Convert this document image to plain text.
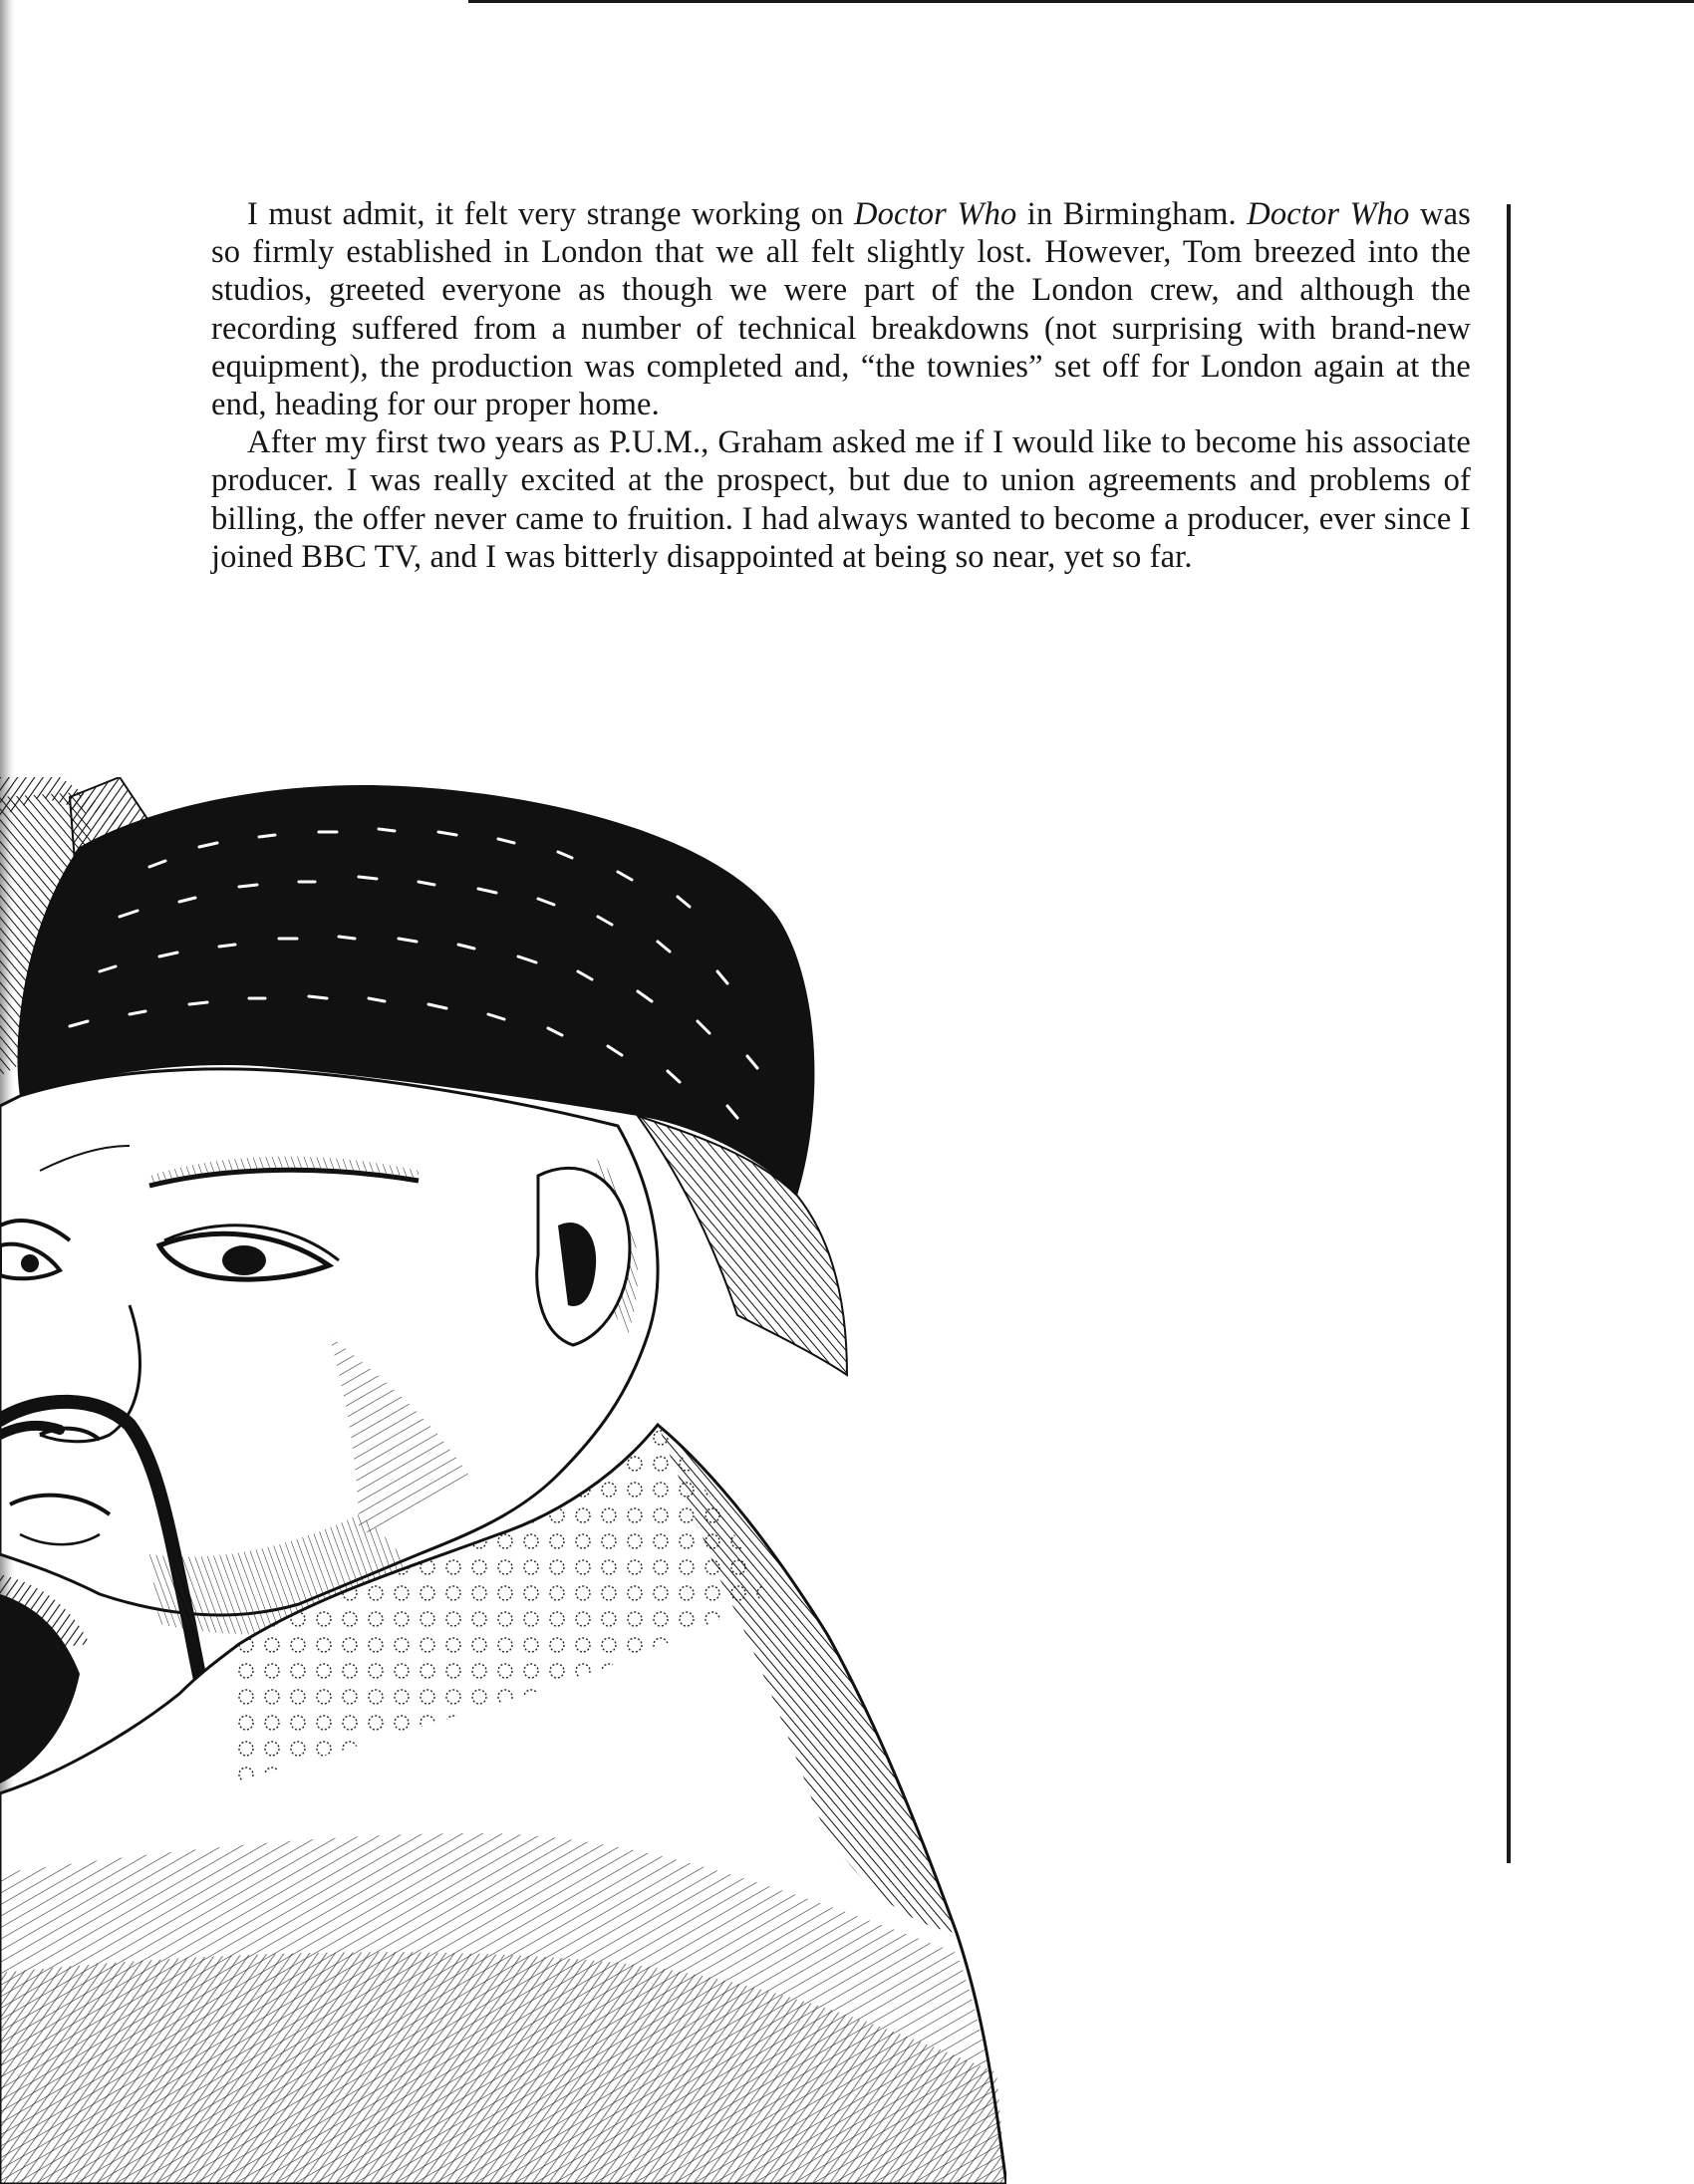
I must admit, it felt very strange working on Doctor Who in Birmingham. Doctor Who was so firmly established in London that we all felt slightly lost. However, Tom breezed into the studios, greeted everyone as though we were part of the London crew, and although the recording suffered from a number of technical breakdowns (not surprising with brand-new equipment), the production was completed and, “the townies” set off for London again at the end, heading for our proper home.

After my first two years as P.U.M., Graham asked me if I would like to become his associate producer. I was really excited at the prospect, but due to union agreements and problems of billing, the offer never came to fruition. I had always wanted to become a producer, ever since I joined BBC TV, and I was bitterly disappointed at being so near, yet so far.
